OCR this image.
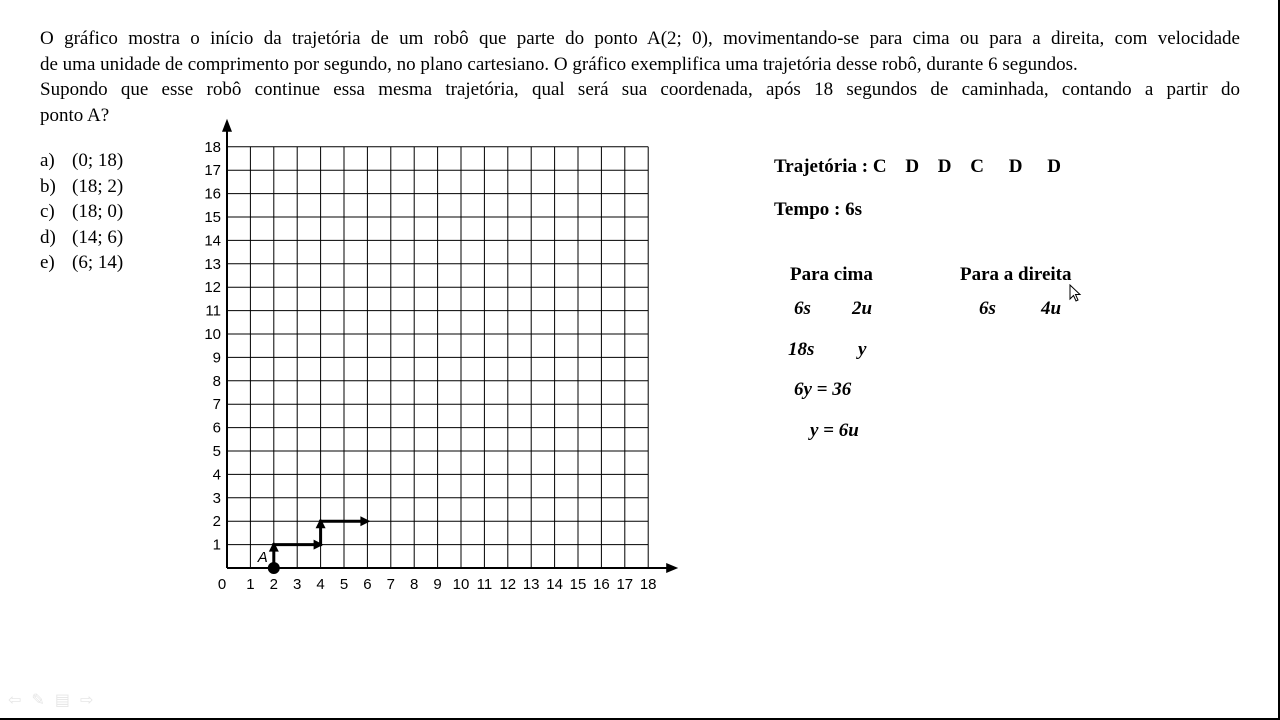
O gráfico mostra o início da trajetória de um robô que parte do ponto A(2; 0), movimentando-se para cima ou para a direita, com velocidade
de uma unidade de comprimento por segundo, no plano cartesiano. O gráfico exemplifica uma trajetória desse robô, durante 6 segundos.
Supondo que esse robô continue essa mesma trajetória, qual será sua coordenada, após 18 segundos de caminhada, contando a partir do
ponto A?
a) (0; 18)
b) (18; 2)
c) (18; 0)
d) (14; 6)
e) (6; 14)
0 1 2 3 4 5 6 7 8 9 10 11 12 13 14 15 16 17 18
1
2
3
4
5
6
7
8
9
10
11
12
13
14
15
16
17
18
A
Trajetória : C D D C D D
Tempo : 6s
Para cima	Para a direita
6s 2u	6s 4u
18s y
6y = 36
y = 6u
⇦ ✎ ▤ ⇨
